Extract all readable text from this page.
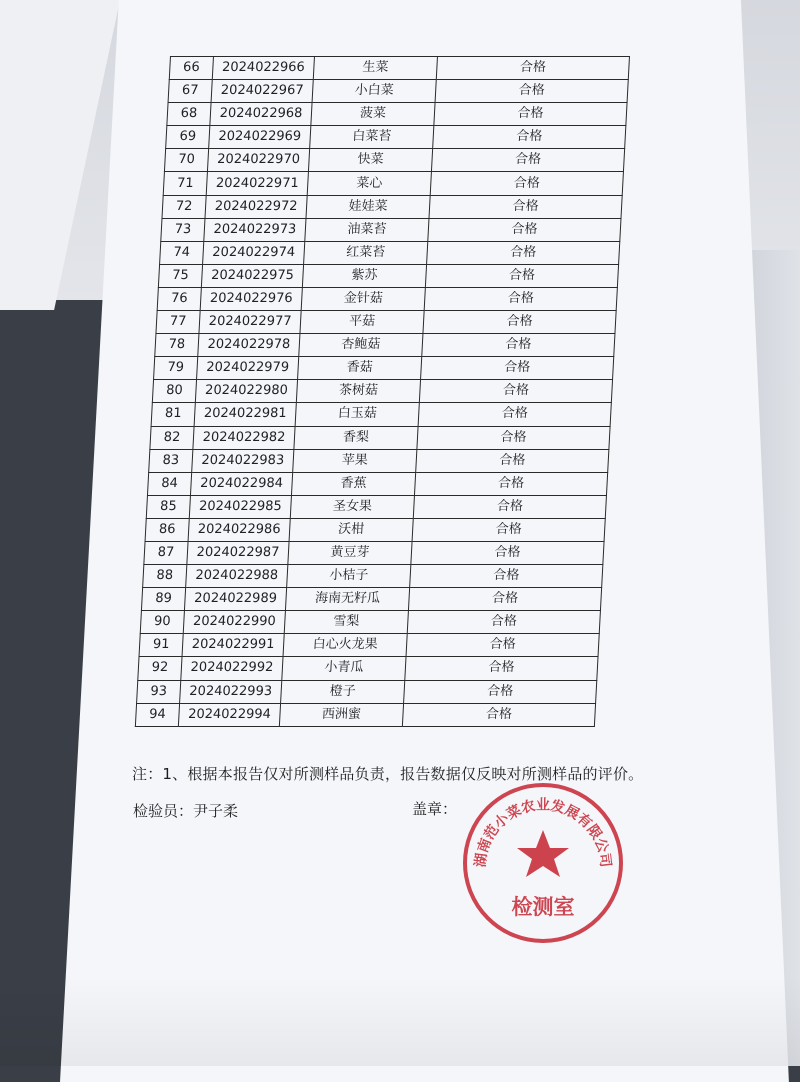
66	2024022966	生菜	合格
67	2024022967	小白菜	合格
68	2024022968	菠菜	合格
69	2024022969	白菜苔	合格
70	2024022970	快菜	合格
71	2024022971	菜心	合格
72	2024022972	娃娃菜	合格
73	2024022973	油菜苔	合格
74	2024022974	红菜苔	合格
75	2024022975	紫苏	合格
76	2024022976	金针菇	合格
77	2024022977	平菇	合格
78	2024022978	杏鲍菇	合格
79	2024022979	香菇	合格
80	2024022980	茶树菇	合格
81	2024022981	白玉菇	合格
82	2024022982	香梨	合格
83	2024022983	苹果	合格
84	2024022984	香蕉	合格
85	2024022985	圣女果	合格
86	2024022986	沃柑	合格
87	2024022987	黄豆芽	合格
88	2024022988	小桔子	合格
89	2024022989	海南无籽瓜	合格
90	2024022990	雪梨	合格
91	2024022991	白心火龙果	合格
92	2024022992	小青瓜	合格
93	2024022993	橙子	合格
94	2024022994	西洲蜜	合格
注：1、根据本报告仅对所测样品负责，报告数据仅反映对所测样品的评价。
检验员：尹子柔	盖章：
湖南范小菜农业发展有限公司
检测室
